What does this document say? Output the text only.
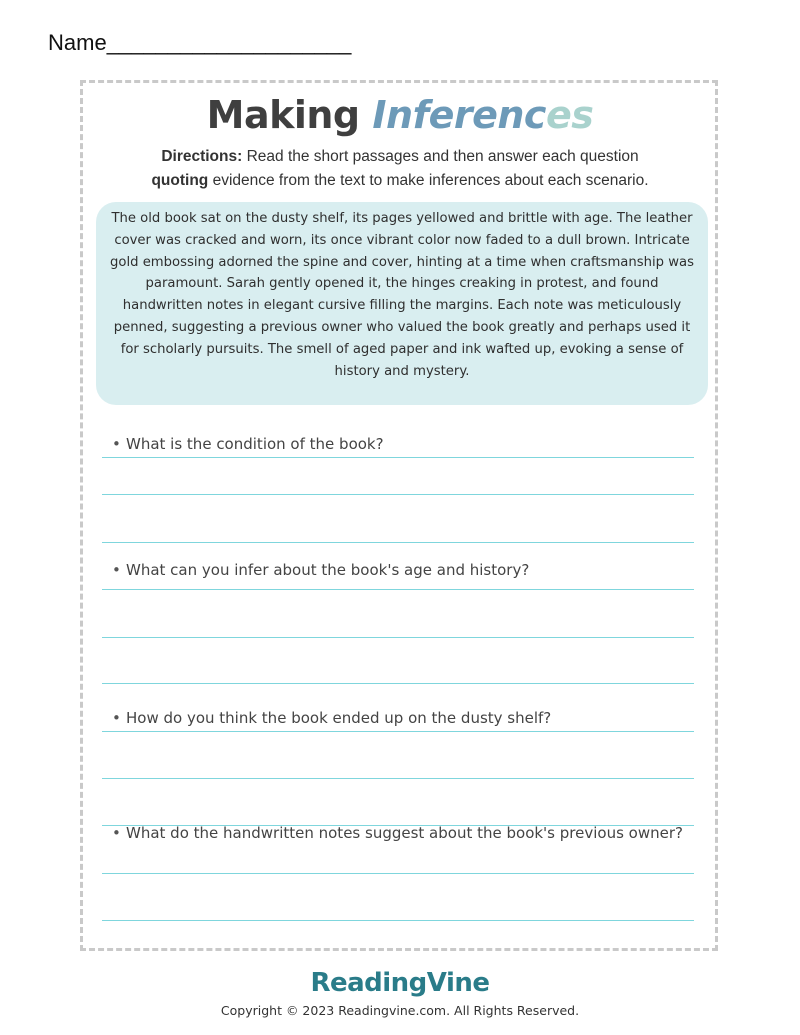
Name____________________
Making Inferences
Directions: Read the short passages and then answer each question
quoting evidence from the text to make inferences about each scenario.
The old book sat on the dusty shelf, its pages yellowed and brittle with age. The leather cover was cracked and worn, its once vibrant color now faded to a dull brown. Intricate gold embossing adorned the spine and cover, hinting at a time when craftsmanship was paramount. Sarah gently opened it, the hinges creaking in protest, and found handwritten notes in elegant cursive filling the margins. Each note was meticulously penned, suggesting a previous owner who valued the book greatly and perhaps used it for scholarly pursuits. The smell of aged paper and ink wafted up, evoking a sense of history and mystery.
• What is the condition of the book?
• What can you infer about the book's age and history?
• How do you think the book ended up on the dusty shelf?
• What do the handwritten notes suggest about the book's previous owner?
ReadingVine
Copyright © 2023 Readingvine.com. All Rights Reserved.
